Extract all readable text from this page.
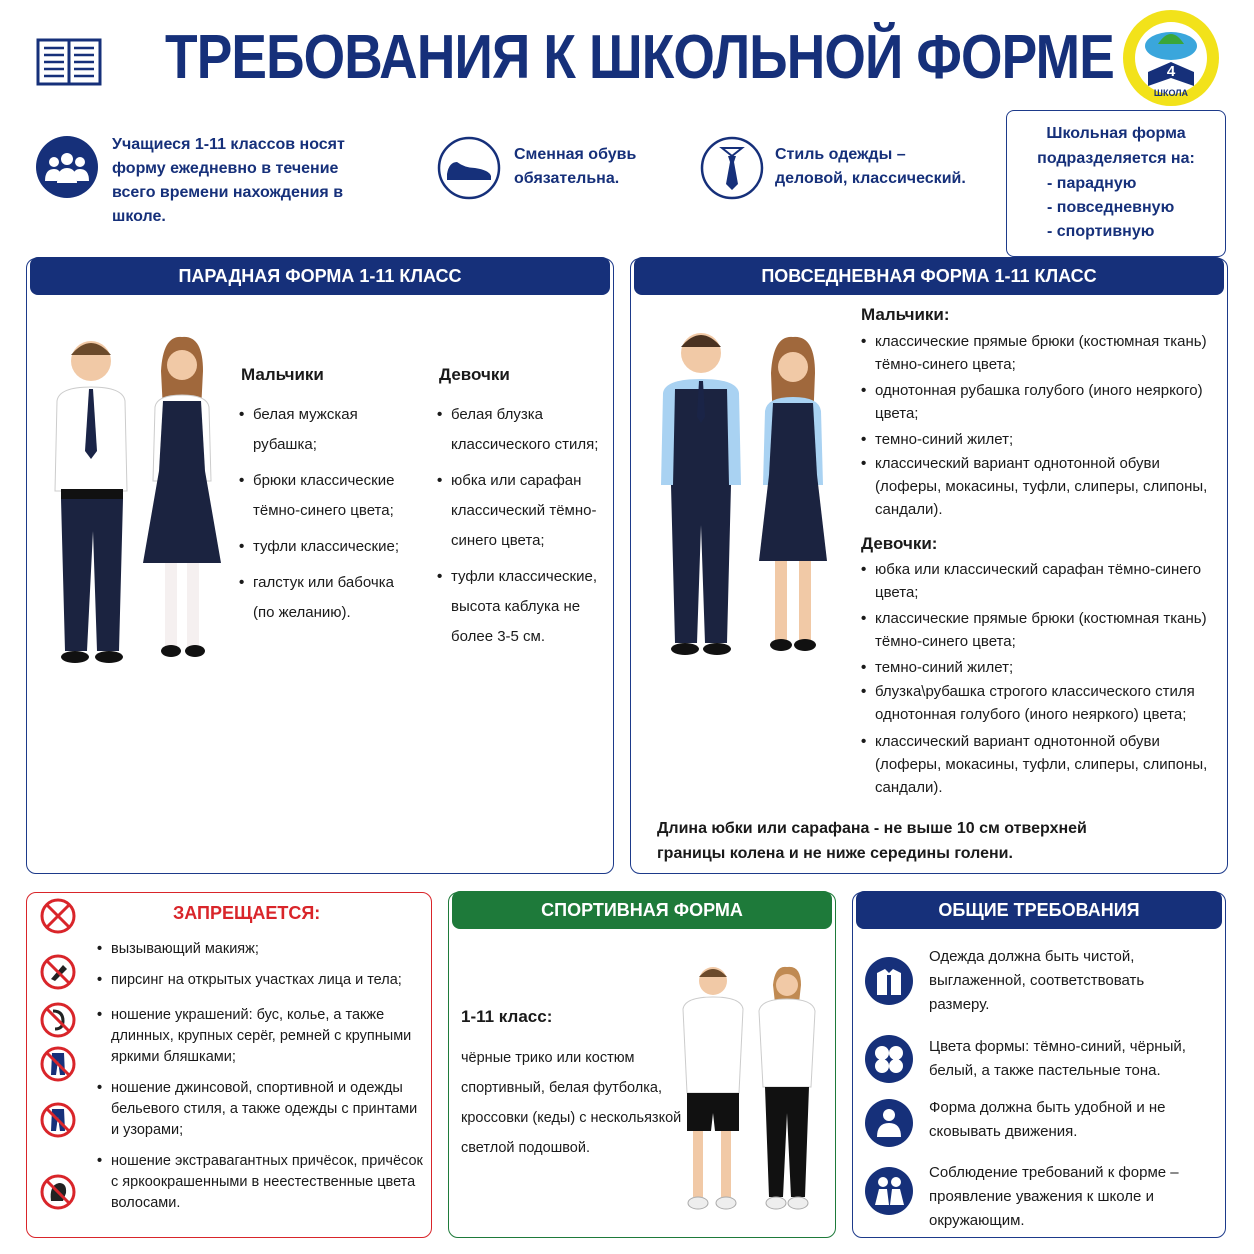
ТРЕБОВАНИЯ К ШКОЛЬНОЙ ФОРМЕ	4
ШКОЛА
Учащиеся 1-11 классов носят форму ежедневно в течение всего времени нахождения в школе.
Сменная обувь обязательна.
Стиль одежды – деловой, классический.
Школьная форма подразделяется на:
- парадную
- повседневную
- спортивную
ПАРАДНАЯ ФОРМА 1-11 КЛАСС
Мальчики
• белая мужская рубашка;
• брюки классические тёмно-синего цвета;
• туфли классические;
• галстук или бабочка (по желанию).
Девочки
• белая блузка классического стиля;
• юбка или сарафан классический тёмно-синего цвета;
• туфли классические, высота каблука не более 3-5 см.
ПОВСЕДНЕВНАЯ ФОРМА 1-11 КЛАСС
Мальчики:
• классические прямые брюки (костюмная ткань) тёмно-синего цвета;
• однотонная рубашка голубого (иного неяркого) цвета;
• темно-синий жилет;
• классический вариант однотонной обуви (лоферы, мокасины, туфли, слиперы, слипоны, сандали).
Девочки:
• юбка или классический сарафан тёмно-синего цвета;
• классические прямые брюки (костюмная ткань) тёмно-синего цвета;
• темно-синий жилет;
• блузка\рубашка строгого классического стиля однотонная голубого (иного неяркого) цвета;
• классический вариант однотонной обуви (лоферы, мокасины, туфли, слиперы, слипоны, сандали).
Длина юбки или сарафана - не выше 10 см отверхней границы колена и не ниже середины голени.
ЗАПРЕЩАЕТСЯ:
• вызывающий макияж;
• пирсинг на открытых участках лица и тела;
• ношение украшений: бус, колье, а также длинных, крупных серёг, ремней с крупными яркими бляшками;
• ношение джинсовой, спортивной и одежды бельевого стиля, а также одежды с принтами и узорами;
• ношение экстравагантных причёсок, причёсок с яркоокрашенными в неестественные цвета волосами.
СПОРТИВНАЯ ФОРМА
1-11 класс:
чёрные трико или костюм спортивный, белая футболка, кроссовки (кеды) с нескольязкой светлой подошвой.
ОБЩИЕ ТРЕБОВАНИЯ
Одежда должна быть чистой, выглаженной, соответствовать размеру.
Цвета формы: тёмно-синий, чёрный, белый, а также пастельные тона.
Форма должна быть удобной и не сковывать движения.
Соблюдение требований к форме – проявление уважения к школе и окружающим.
